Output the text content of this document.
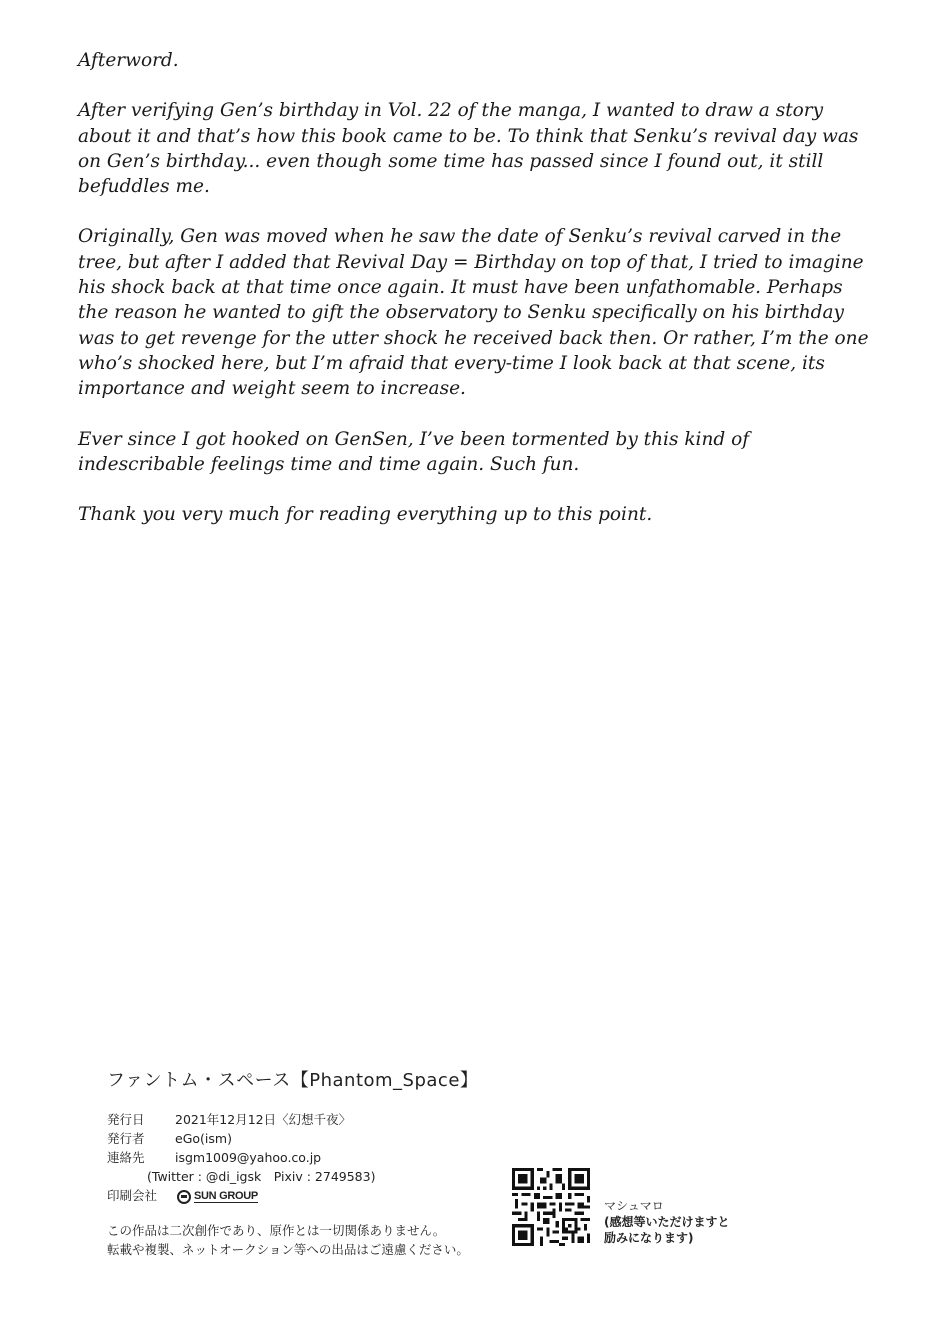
Afterword.

After verifying Gen’s birthday in Vol. 22 of the manga, I wanted to draw a story about it and that’s how this book came to be. To think that Senku’s revival day was on Gen’s birthday... even though some time has passed since I found out, it still befuddles me.

Originally, Gen was moved when he saw the date of Senku’s revival carved in the tree, but after I added that Revival Day = Birthday on top of that, I tried to imagine his shock back at that time once again. It must have been unfathomable. Perhaps the reason he wanted to gift the observatory to Senku specifically on his birthday was to get revenge for the utter shock he received back then. Or rather, I’m the one who’s shocked here, but I’m afraid that every-time I look back at that scene, its importance and weight seem to increase.

Ever since I got hooked on GenSen, I’ve been tormented by this kind of indescribable feelings time and time again. Such fun.

Thank you very much for reading everything up to this point.

ファントム・スペース【Phantom_Space】
発行日 2021年12月12日〈幻想千夜〉
発行者 eGo(ism)
連絡先 isgm1009@yahoo.co.jp
(Twitter : @di_igsk　Pixiv : 2749583)
印刷会社	SUN GROUP
この作品は二次創作であり、原作とは一切関係ありません。
転載や複製、ネットオークション等への出品はご遠慮ください。
マシュマロ
(感想等いただけますと
励みになります)
